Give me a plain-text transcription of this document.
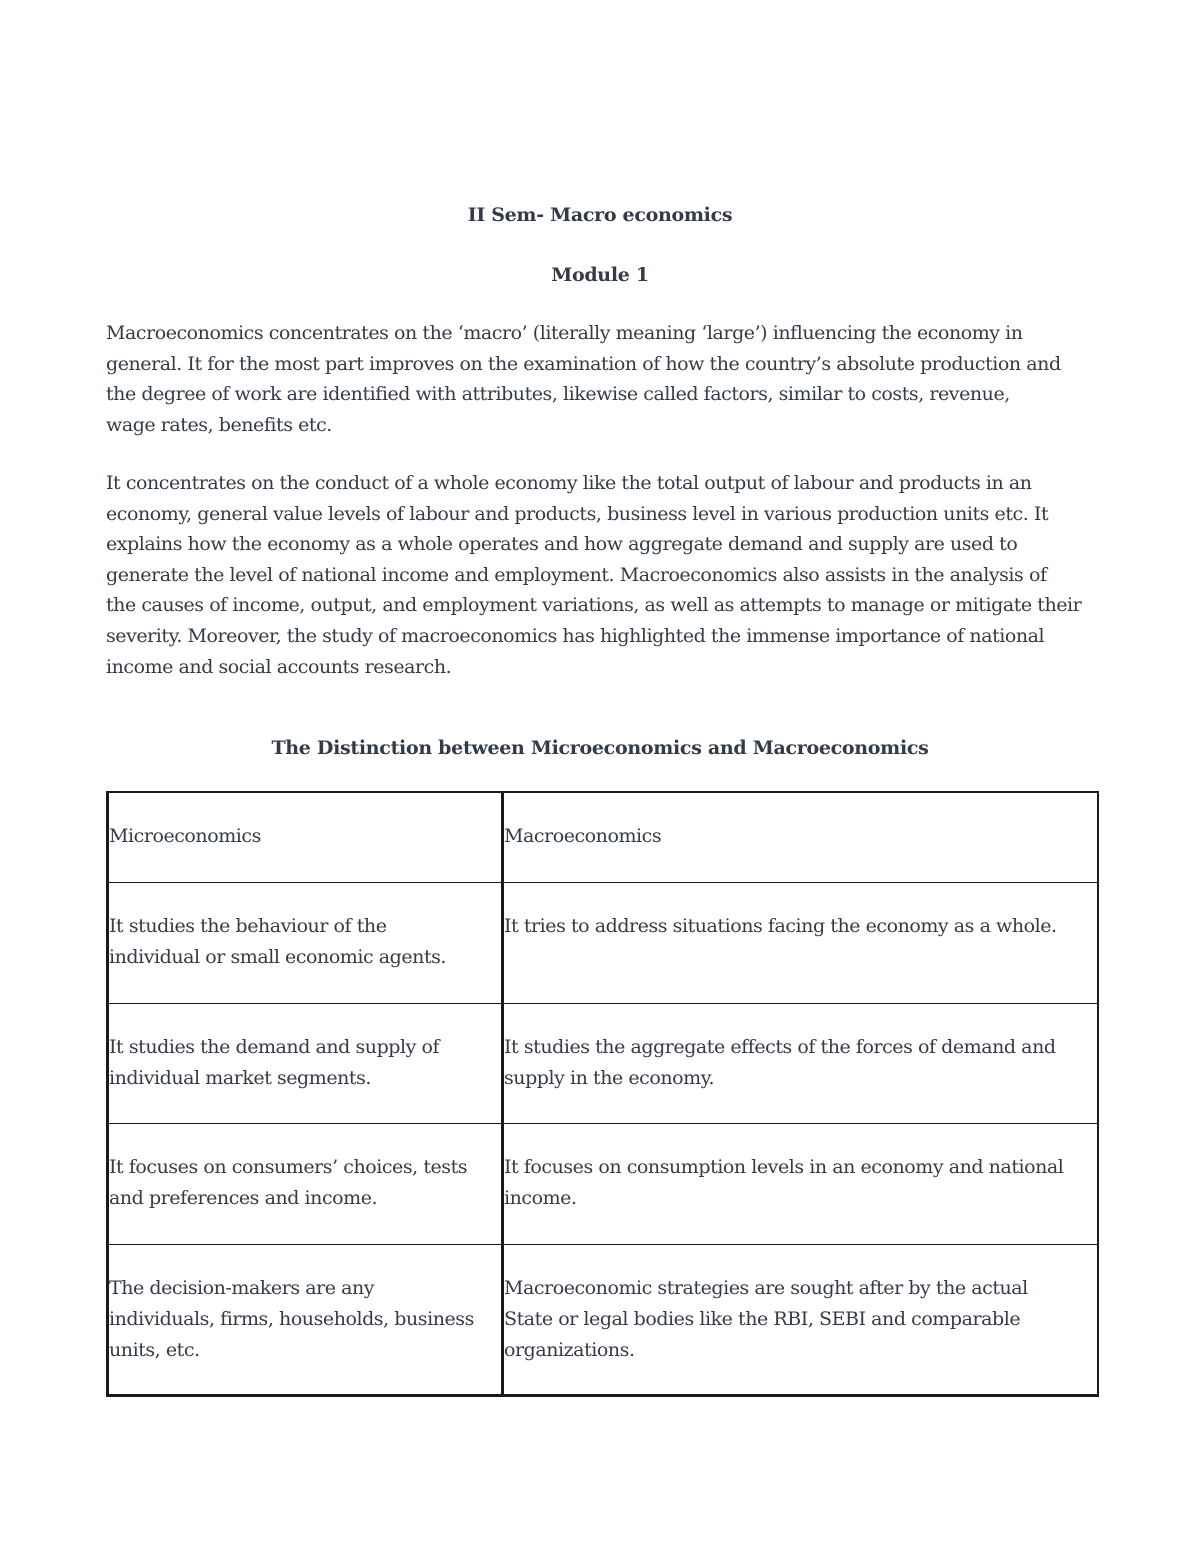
II Sem- Macro economics
Module 1

Macroeconomics concentrates on the ‘macro’ (literally meaning ‘large’) influencing the economy in
general. It for the most part improves on the examination of how the country’s absolute production and
the degree of work are identified with attributes, likewise called factors, similar to costs, revenue,
wage rates, benefits etc.

It concentrates on the conduct of a whole economy like the total output of labour and products in an
economy, general value levels of labour and products, business level in various production units etc. It
explains how the economy as a whole operates and how aggregate demand and supply are used to
generate the level of national income and employment. Macroeconomics also assists in the analysis of
the causes of income, output, and employment variations, as well as attempts to manage or mitigate their
severity. Moreover, the study of macroeconomics has highlighted the immense importance of national
income and social accounts research.

The Distinction between Microeconomics and Macroeconomics
Microeconomics	Macroeconomics

It studies the behaviour of the
individual or small economic agents.	It tries to address situations facing the economy as a whole.

It studies the demand and supply of
individual market segments.	It studies the aggregate effects of the forces of demand and
supply in the economy.

It focuses on consumers’ choices, tests
and preferences and income.	It focuses on consumption levels in an economy and national
income.

The decision-makers are any
individuals, firms, households, business
units, etc.	Macroeconomic strategies are sought after by the actual
State or legal bodies like the RBI, SEBI and comparable
organizations.
